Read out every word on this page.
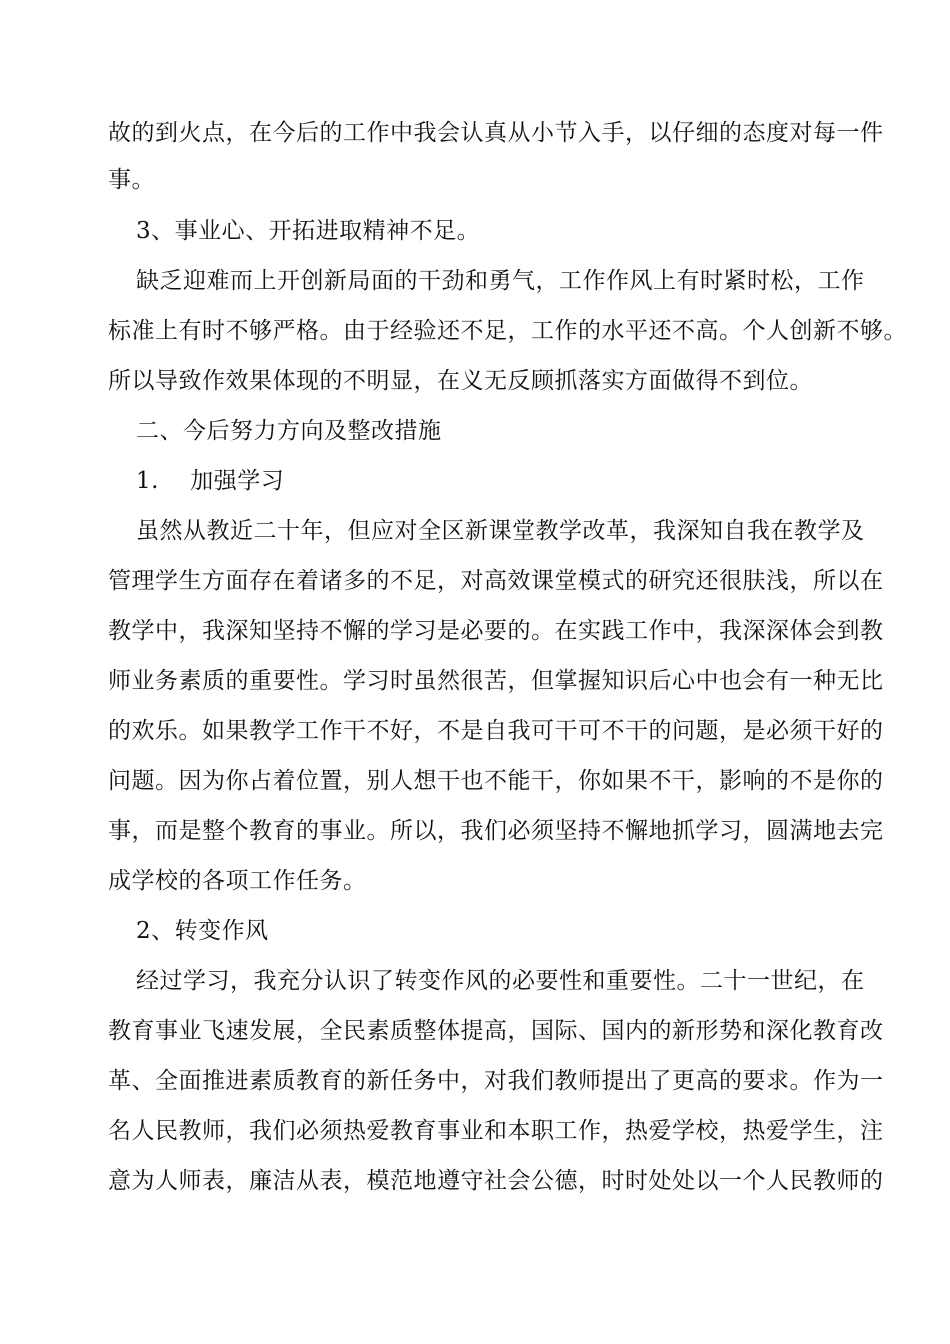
故的到火点，在今后的工作中我会认真从小节入手，以仔细的态度对每一件
事。
3、事业心、开拓进取精神不足。
缺乏迎难而上开创新局面的干劲和勇气，工作作风上有时紧时松，工作
标准上有时不够严格。由于经验还不足，工作的水平还不高。个人创新不够。
所以导致作效果体现的不明显，在义无反顾抓落实方面做得不到位。
二、今后努力方向及整改措施
1.　 加强学习
虽然从教近二十年，但应对全区新课堂教学改革，我深知自我在教学及
管理学生方面存在着诸多的不足，对高效课堂模式的研究还很肤浅，所以在
教学中，我深知坚持不懈的学习是必要的。在实践工作中，我深深体会到教
师业务素质的重要性。学习时虽然很苦，但掌握知识后心中也会有一种无比
的欢乐。如果教学工作干不好，不是自我可干可不干的问题，是必须干好的
问题。因为你占着位置，别人想干也不能干，你如果不干，影响的不是你的
事，而是整个教育的事业。所以，我们必须坚持不懈地抓学习，圆满地去完
成学校的各项工作任务。
2、转变作风
经过学习，我充分认识了转变作风的必要性和重要性。二十一世纪，在
教育事业飞速发展，全民素质整体提高，国际、国内的新形势和深化教育改
革、全面推进素质教育的新任务中，对我们教师提出了更高的要求。作为一
名人民教师，我们必须热爱教育事业和本职工作，热爱学校，热爱学生，注
意为人师表，廉洁从表，模范地遵守社会公德，时时处处以一个人民教师的
